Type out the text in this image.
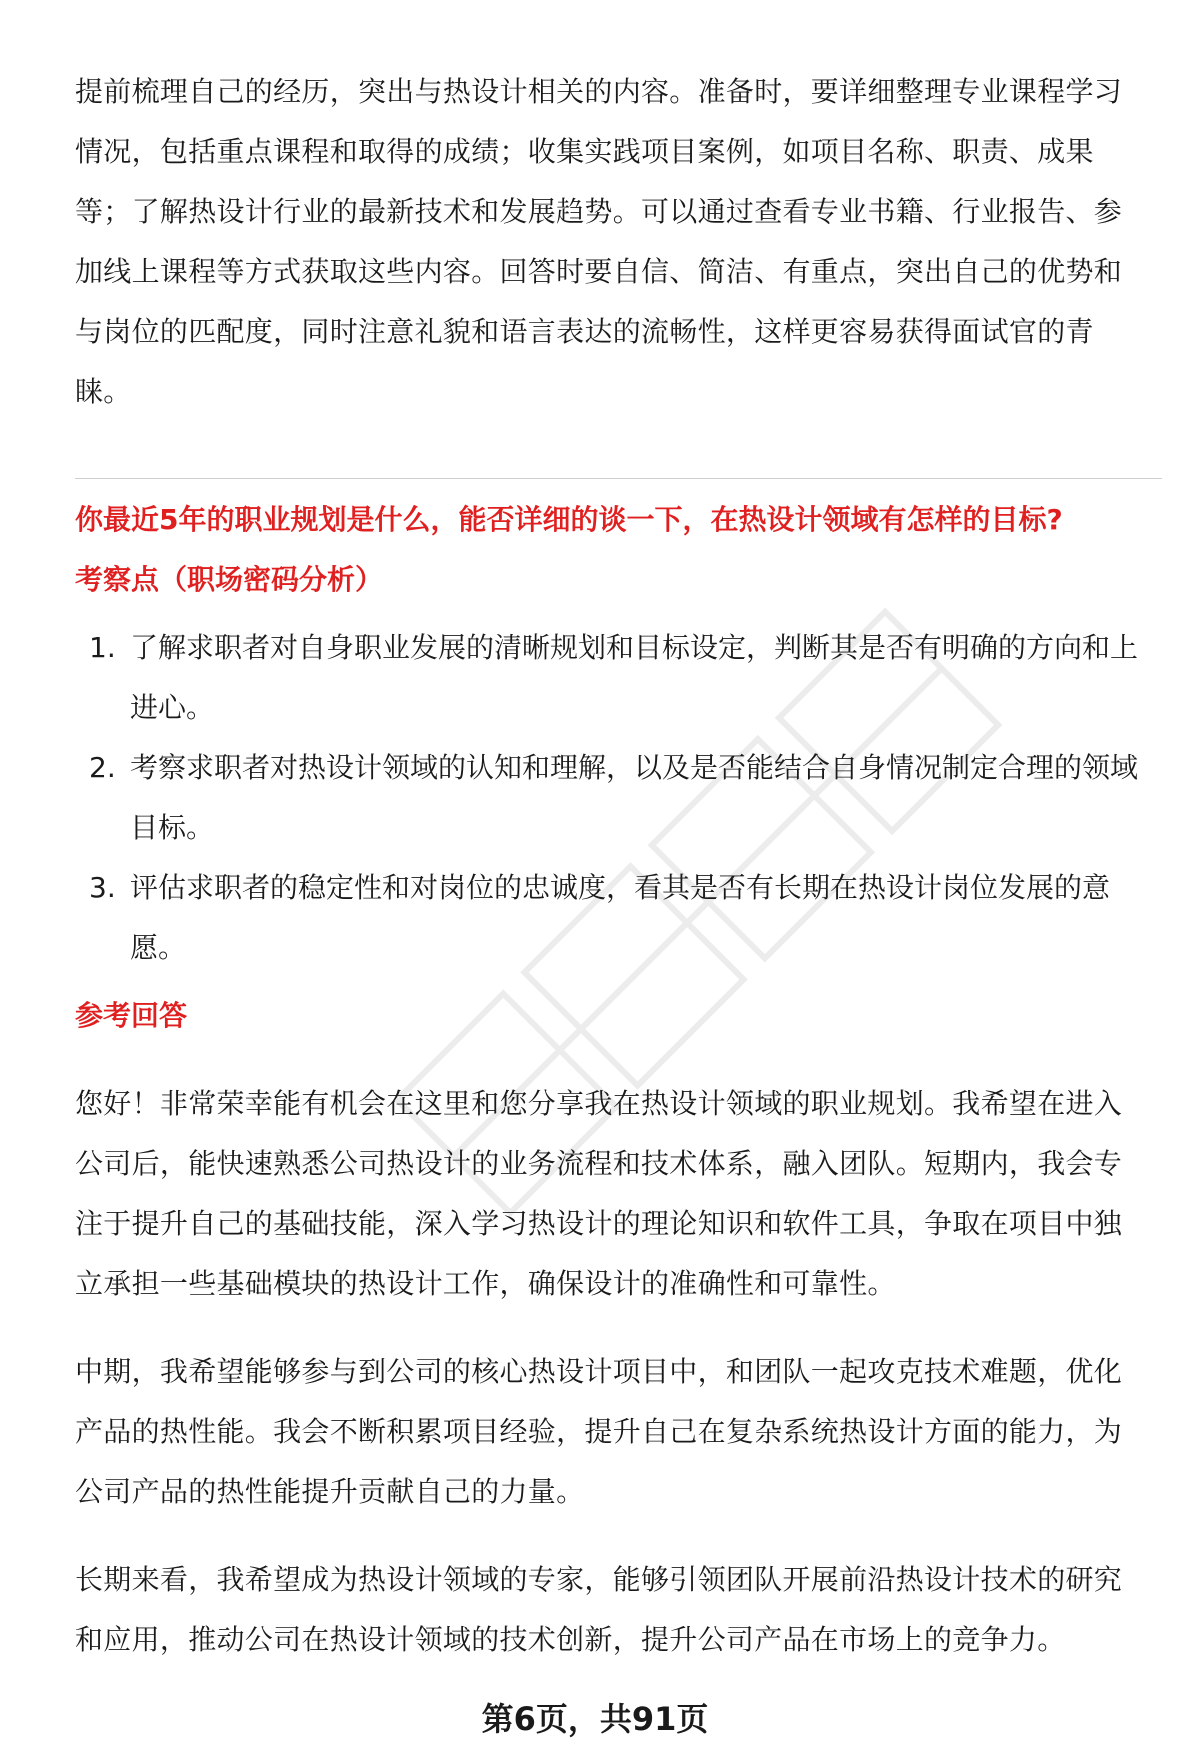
提前梳理自己的经历，突出与热设计相关的内容。准备时，要详细整理专业课程学习情况，包括重点课程和取得的成绩；收集实践项目案例，如项目名称、职责、成果等；了解热设计行业的最新技术和发展趋势。可以通过查看专业书籍、行业报告、参加线上课程等方式获取这些内容。回答时要自信、简洁、有重点，突出自己的优势和与岗位的匹配度，同时注意礼貌和语言表达的流畅性，这样更容易获得面试官的青睐。

你最近5年的职业规划是什么，能否详细的谈一下，在热设计领域有怎样的目标?

考察点（职场密码分析）

1. 了解求职者对自身职业发展的清晰规划和目标设定，判断其是否有明确的方向和上进心。
2. 考察求职者对热设计领域的认知和理解，以及是否能结合自身情况制定合理的领域目标。
3. 评估求职者的稳定性和对岗位的忠诚度，看其是否有长期在热设计岗位发展的意愿。

参考回答

您好！非常荣幸能有机会在这里和您分享我在热设计领域的职业规划。我希望在进入公司后，能快速熟悉公司热设计的业务流程和技术体系，融入团队。短期内，我会专注于提升自己的基础技能，深入学习热设计的理论知识和软件工具，争取在项目中独立承担一些基础模块的热设计工作，确保设计的准确性和可靠性。

中期，我希望能够参与到公司的核心热设计项目中，和团队一起攻克技术难题，优化产品的热性能。我会不断积累项目经验，提升自己在复杂系统热设计方面的能力，为公司产品的热性能提升贡献自己的力量。

长期来看，我希望成为热设计领域的专家，能够引领团队开展前沿热设计技术的研究和应用，推动公司在热设计领域的技术创新，提升公司产品在市场上的竞争力。

第6页，共91页
